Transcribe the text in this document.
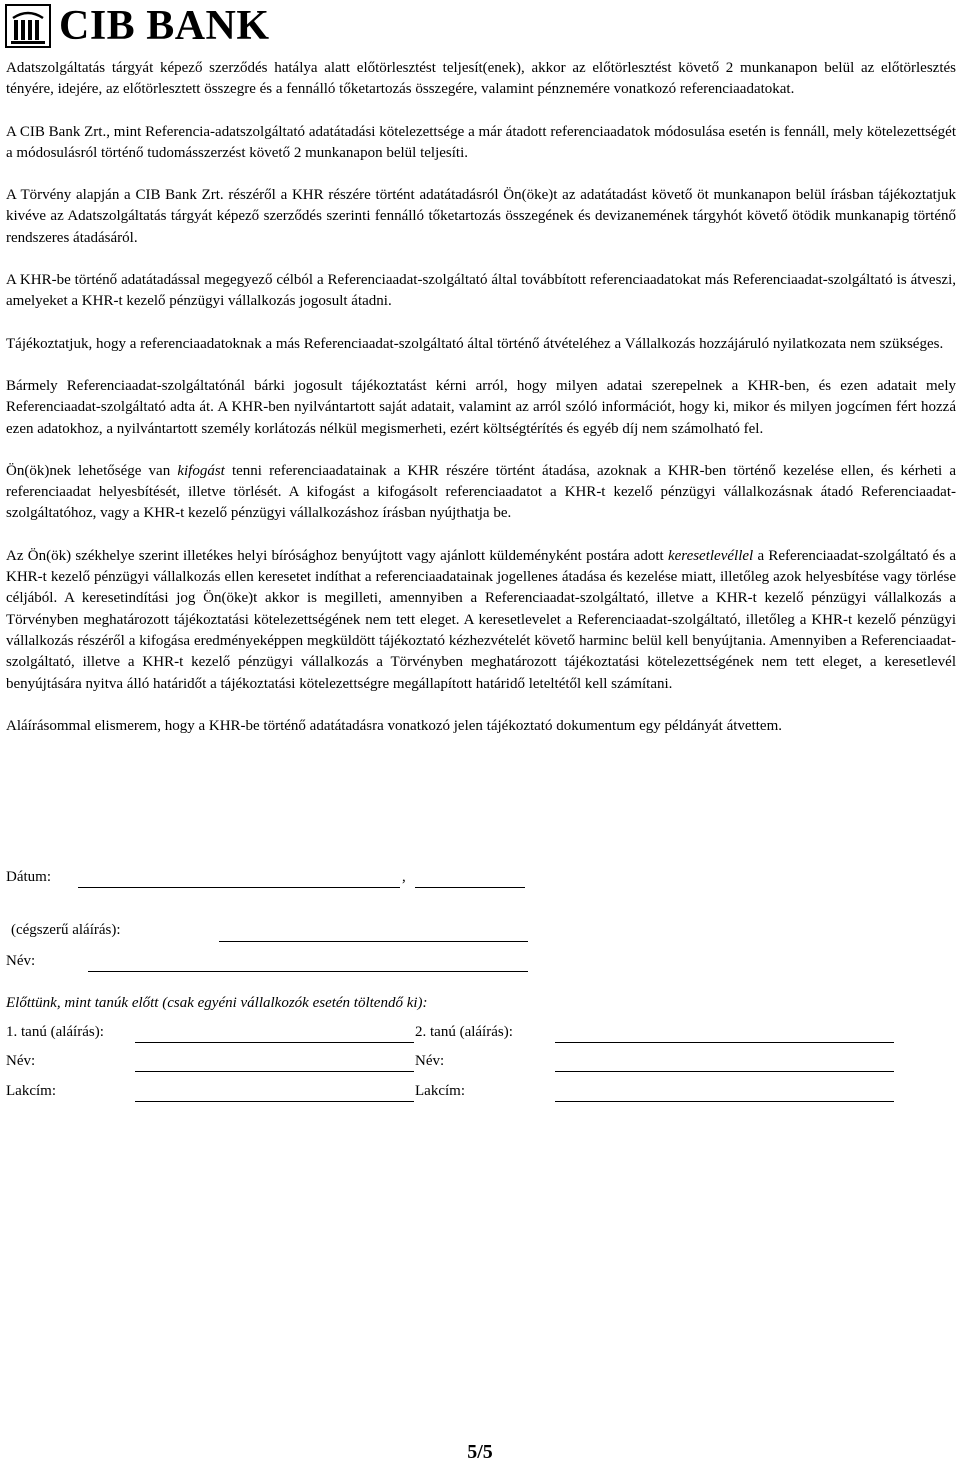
CIB BANK

Adatszolgáltatás tárgyát képező szerződés hatálya alatt előtörlesztést teljesít(enek), akkor az előtörlesztést követő 2 munkanapon belül az előtörlesztés tényére, idejére, az előtörlesztett összegre és a fennálló tőketartozás összegére, valamint pénznemére vonatkozó referenciaadatokat.

A CIB Bank Zrt., mint Referencia-adatszolgáltató adatátadási kötelezettsége a már átadott referenciaadatok módosulása esetén is fennáll, mely kötelezettségét a módosulásról történő tudomásszerzést követő 2 munkanapon belül teljesíti.

A Törvény alapján a CIB Bank Zrt. részéről a KHR részére történt adatátadásról Ön(öke)t az adatátadást követő öt munkanapon belül írásban tájékoztatjuk kivéve az Adatszolgáltatás tárgyát képező szerződés szerinti fennálló tőketartozás összegének és devizanemének tárgyhót követő ötödik munkanapig történő rendszeres átadásáról.

A KHR-be történő adatátadással megegyező célból a Referenciaadat-szolgáltató által továbbított referenciaadatokat más Referenciaadat-szolgáltató is átveszi, amelyeket a KHR-t kezelő pénzügyi vállalkozás jogosult átadni.

Tájékoztatjuk, hogy a referenciaadatoknak a más Referenciaadat-szolgáltató által történő átvételéhez a Vállalkozás hozzájáruló nyilatkozata nem szükséges.

Bármely Referenciaadat-szolgáltatónál bárki jogosult tájékoztatást kérni arról, hogy milyen adatai szerepelnek a KHR-ben, és ezen adatait mely Referenciaadat-szolgáltató adta át. A KHR-ben nyilvántartott saját adatait, valamint az arról szóló információt, hogy ki, mikor és milyen jogcímen fért hozzá ezen adatokhoz, a nyilvántartott személy korlátozás nélkül megismerheti, ezért költségtérítés és egyéb díj nem számolható fel.

Ön(ök)nek lehetősége van kifogást tenni referenciaadatainak a KHR részére történt átadása, azoknak a KHR-ben történő kezelése ellen, és kérheti a referenciaadat helyesbítését, illetve törlését. A kifogást a kifogásolt referenciaadatot a KHR-t kezelő pénzügyi vállalkozásnak átadó Referenciaadat-szolgáltatóhoz, vagy a KHR-t kezelő pénzügyi vállalkozáshoz írásban nyújthatja be.

Az Ön(ök) székhelye szerint illetékes helyi bírósághoz benyújtott vagy ajánlott küldeményként postára adott keresetlevéllel a Referenciaadat-szolgáltató és a KHR-t kezelő pénzügyi vállalkozás ellen keresetet indíthat a referenciaadatainak jogellenes átadása és kezelése miatt, illetőleg azok helyesbítése vagy törlése céljából. A keresetindítási jog Ön(öke)t akkor is megilleti, amennyiben a Referenciaadat-szolgáltató, illetve a KHR-t kezelő pénzügyi vállalkozás a Törvényben meghatározott tájékoztatási kötelezettségének nem tett eleget. A keresetlevelet a Referenciaadat-szolgáltató, illetőleg a KHR-t kezelő pénzügyi vállalkozás részéről a kifogása eredményeképpen megküldött tájékoztató kézhezvételét követő harminc belül kell benyújtania. Amennyiben a Referenciaadat-szolgáltató, illetve a KHR-t kezelő pénzügyi vállalkozás a Törvényben meghatározott tájékoztatási kötelezettségének nem tett eleget, a keresetlevél benyújtására nyitva álló határidőt a tájékoztatási kötelezettségre megállapított határidő leteltétől kell számítani.

Aláírásommal elismerem, hogy a KHR-be történő adatátadásra vonatkozó jelen tájékoztató dokumentum egy példányát átvettem.

Dátum:	,
(cégszerű aláírás):
Név:
Előttünk, mint tanúk előtt (csak egyéni vállalkozók esetén töltendő ki):
1. tanú (aláírás):	2. tanú (aláírás):
Név:	Név:
Lakcím:	Lakcím:
5/5
